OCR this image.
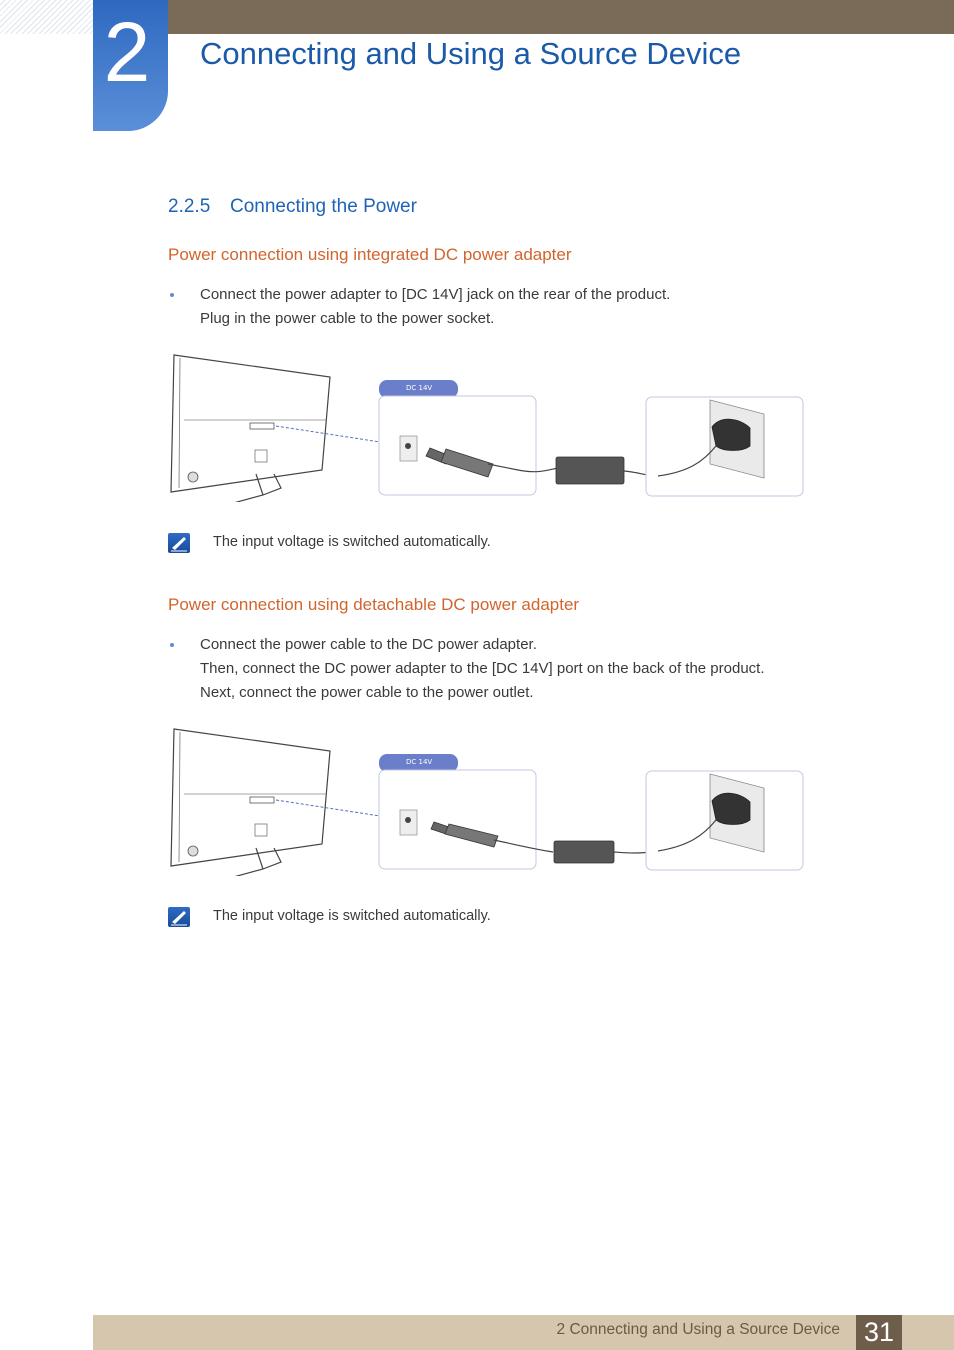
2	Connecting and Using a Source Device
2.2.5 Connecting the Power
Power connection using integrated DC power adapter
Connect the power adapter to [DC 14V] jack on the rear of the product.
Plug in the power cable to the power socket.
DC 14V
The input voltage is switched automatically.
Power connection using detachable DC power adapter
Connect the power cable to the DC power adapter.
Then, connect the DC power adapter to the [DC 14V] port on the back of the product.
Next, connect the power cable to the power outlet.
DC 14V
The input voltage is switched automatically.
2 Connecting and Using a Source Device 31
